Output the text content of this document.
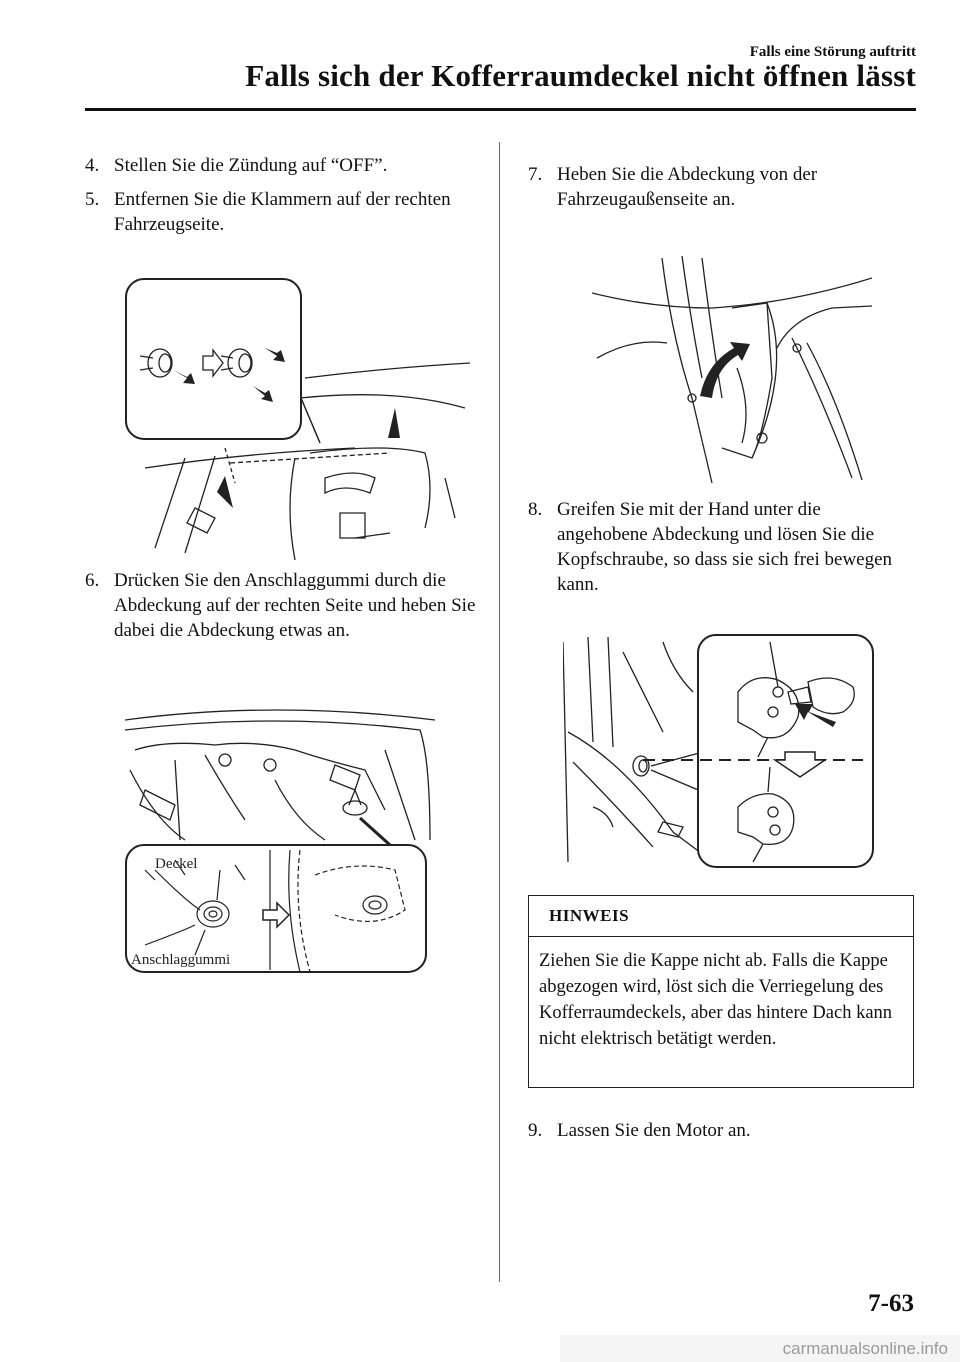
Falls eine Störung auftritt
Falls sich der Kofferraumdeckel nicht öffnen lässt
4. Stellen Sie die Zündung auf “OFF”.
5. Entfernen Sie die Klammern auf der rechten Fahrzeugseite.
6. Drücken Sie den Anschlaggummi durch die Abdeckung auf der rechten Seite und heben Sie dabei die Abdeckung etwas an.
Deckel
Anschlaggummi
7. Heben Sie die Abdeckung von der Fahrzeugaußenseite an.
8. Greifen Sie mit der Hand unter die angehobene Abdeckung und lösen Sie die Kopfschraube, so dass sie sich frei bewegen kann.
HINWEIS
Ziehen Sie die Kappe nicht ab. Falls die Kappe abgezogen wird, löst sich die Verriegelung des Kofferraumdeckels, aber das hintere Dach kann nicht elektrisch betätigt werden.
9. Lassen Sie den Motor an.
7-63
carmanualsonline.info
